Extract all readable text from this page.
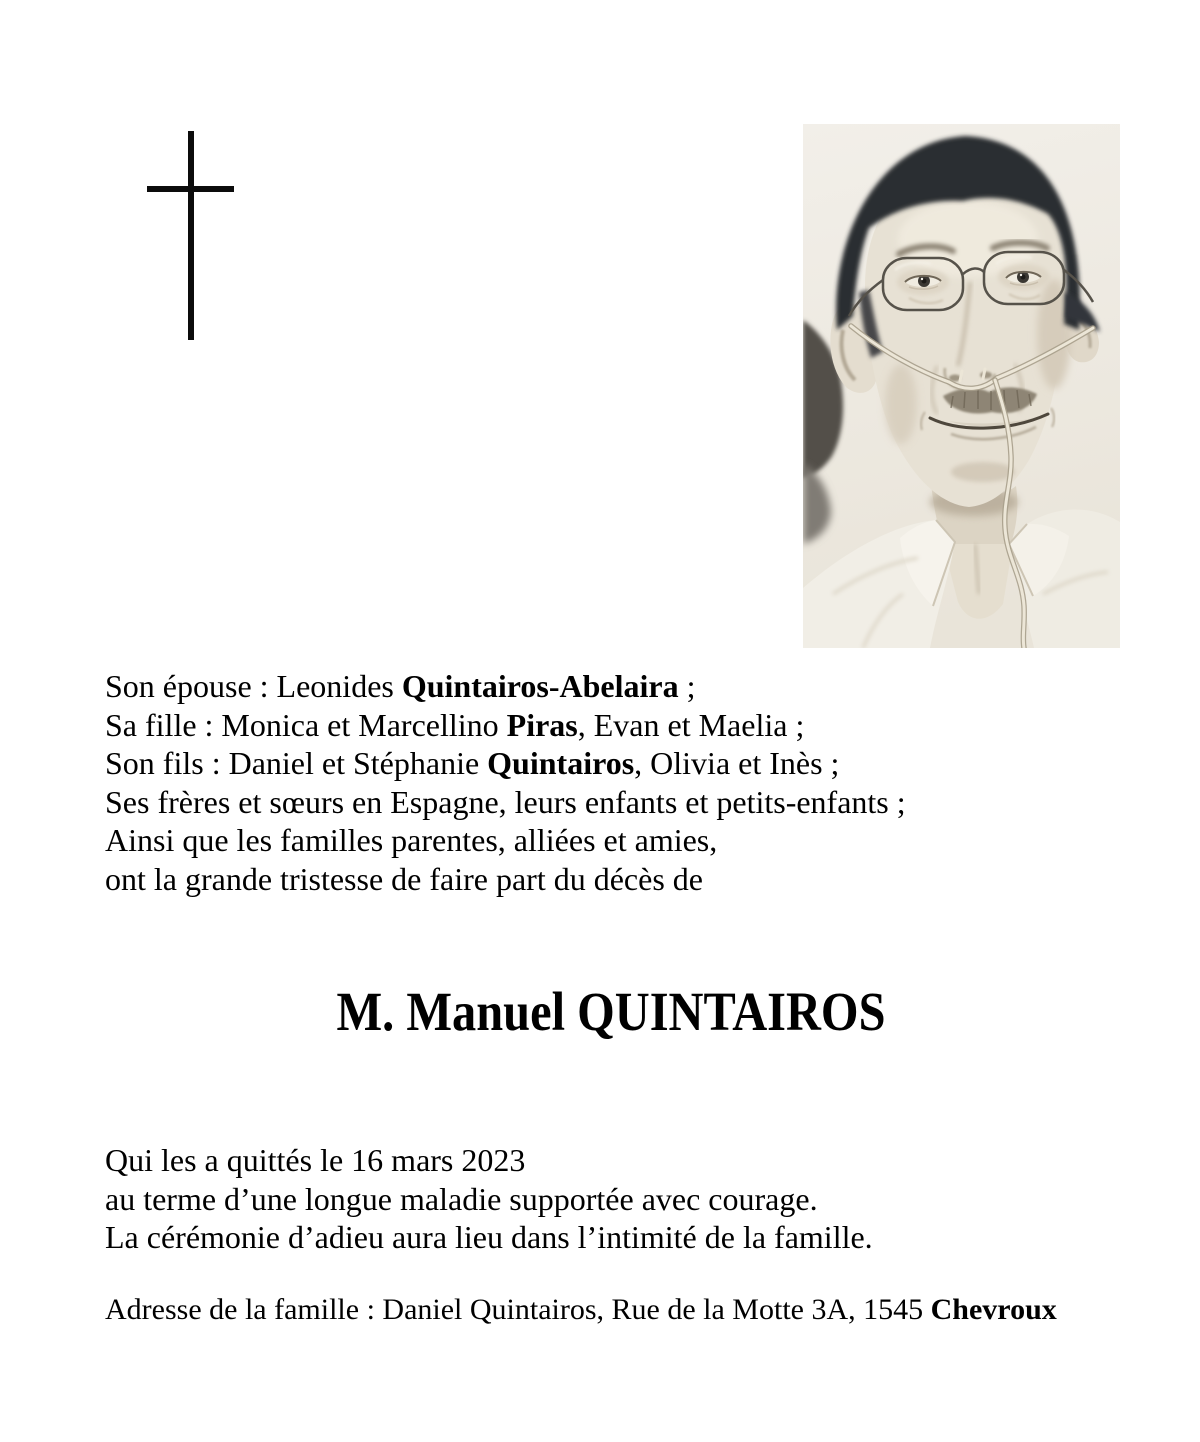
Son épouse : Leonides Quintairos-Abelaira ;
Sa fille : Monica et Marcellino Piras, Evan et Maelia ;
Son fils : Daniel et Stéphanie Quintairos, Olivia et Inès ;
Ses frères et sœurs en Espagne, leurs enfants et petits-enfants ;
Ainsi que les familles parentes, alliées et amies,
ont la grande tristesse de faire part du décès de
M. Manuel QUINTAIROS
Qui les a quittés le 16 mars 2023
au terme d’une longue maladie supportée avec courage.
La cérémonie d’adieu aura lieu dans l’intimité de la famille.
Adresse de la famille : Daniel Quintairos, Rue de la Motte 3A, 1545 Chevroux
